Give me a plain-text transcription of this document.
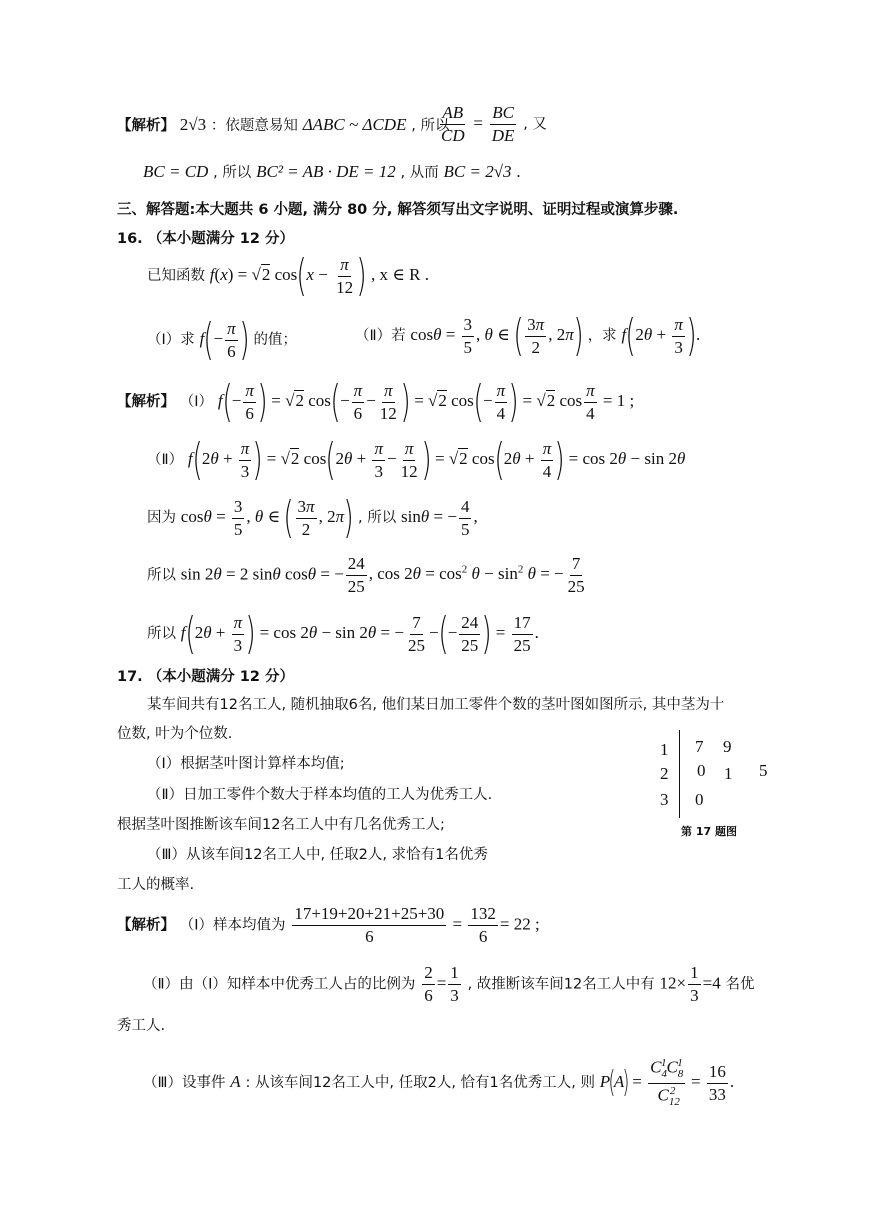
【解析】 2√3 ：依题意易知 ΔABC ~ ΔCDE , 所以
$\frac{AB}{CD} = \frac{BC}{DE}$ , 又
BC = CD , 所以 BC² = AB · DE = 12 , 从而 BC = 2√3 .
三、解答题:本大题共 6 小题, 满分 80 分, 解答须写出文字说明、证明过程或演算步骤.
16. （本小题满分 12 分）
已知函数 f(x) = √2 $\cos(x - \frac{\pi}{12}$ ) , x ∈ R .
（Ⅰ）求 $f(- \frac{\pi}{6}$ ) 的值；	（Ⅱ）若 $\cos\theta = \frac{3}{5}$ , θ ∈ ( $\frac{3\pi}{2}$ , 2π) ，求 $f(2\theta + \frac{\pi}{3}$ ).
【解析】 （Ⅰ） $f(- \frac{\pi}{6}$ ) = √2 $\cos(- \frac{\pi}{6} - \frac{\pi}{12}$ ) = √2 $\cos(- \frac{\pi}{4}$ ) = √2 $\cos \frac{\pi}{4} = 1$ ;
（Ⅱ） $f(2\theta + \frac{\pi}{3}$ ) = √2 $\cos(2\theta + \frac{\pi}{3} - \frac{\pi}{12}$ ) = √2 $\cos(2\theta + \frac{\pi}{4}$ ) = cos 2θ − sin 2θ
因为 $\cos\theta = \frac{3}{5}$ , θ ∈ ( $\frac{3\pi}{2}$ , 2π) , 所以 sinθ = − $\frac{4}{5}$ ,
所以 sin 2θ = 2 sinθ cosθ = − $\frac{24}{25}$ , $\cos 2\theta = \cos^2 \theta - \sin^2 \theta$ = − $\frac{7}{25}$
所以 $f(2\theta + \frac{\pi}{3}$ ) = cos 2θ − sin 2θ = − $\frac{7}{25}$ −(− $\frac{24}{25}$ ) = $\frac{17}{25}$ .
17. （本小题满分 12 分）
某车间共有12名工人, 随机抽取6名, 他们某日加工零件个数的茎叶图如图所示, 其中茎为十
位数, 叶为个位数.
（Ⅰ）根据茎叶图计算样本均值;
（Ⅱ）日加工零件个数大于样本均值的工人为优秀工人.
根据茎叶图推断该车间12名工人中有几名优秀工人;
（Ⅲ）从该车间12名工人中, 任取2人, 求恰有1名优秀
工人的概率.
1 7 9
2 0 1 5
3 0
第 17 题图
【解析】 （Ⅰ）样本均值为 $\frac{17+19+20+21+25+30}{6} = \frac{132}{6} = 22$ ;
（Ⅱ）由（Ⅰ）知样本中优秀工人占的比例为 $\frac{2}{6} = \frac{1}{3}$ , 故推断该车间12名工人中有 $12\times \frac{1}{3} =4$ 名优
秀工人.
（Ⅲ）设事件 A : 从该车间12名工人中, 任取2人, 恰有1名优秀工人, 则 $P(A) = \frac{C_4^1C_8^1}{C_{12}^2} = \frac{16}{33}$ .
